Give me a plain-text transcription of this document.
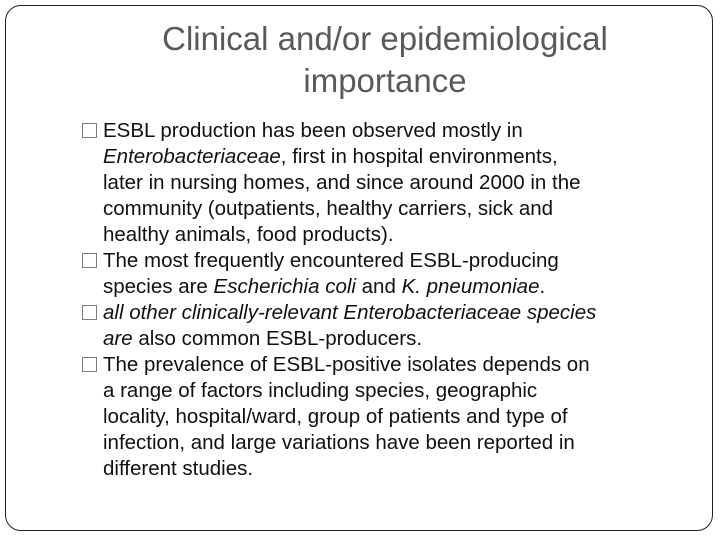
Clinical and/or epidemiological
importance
ESBL production has been observed mostly in
Enterobacteriaceae, first in hospital environments,
later in nursing homes, and since around 2000 in the
community (outpatients, healthy carriers, sick and
healthy animals, food products).
The most frequently encountered ESBL-producing
species are Escherichia coli and K. pneumoniae.
all other clinically-relevant Enterobacteriaceae species
are also common ESBL-producers.
The prevalence of ESBL-positive isolates depends on
a range of factors including species, geographic
locality, hospital/ward, group of patients and type of
infection, and large variations have been reported in
different studies.
